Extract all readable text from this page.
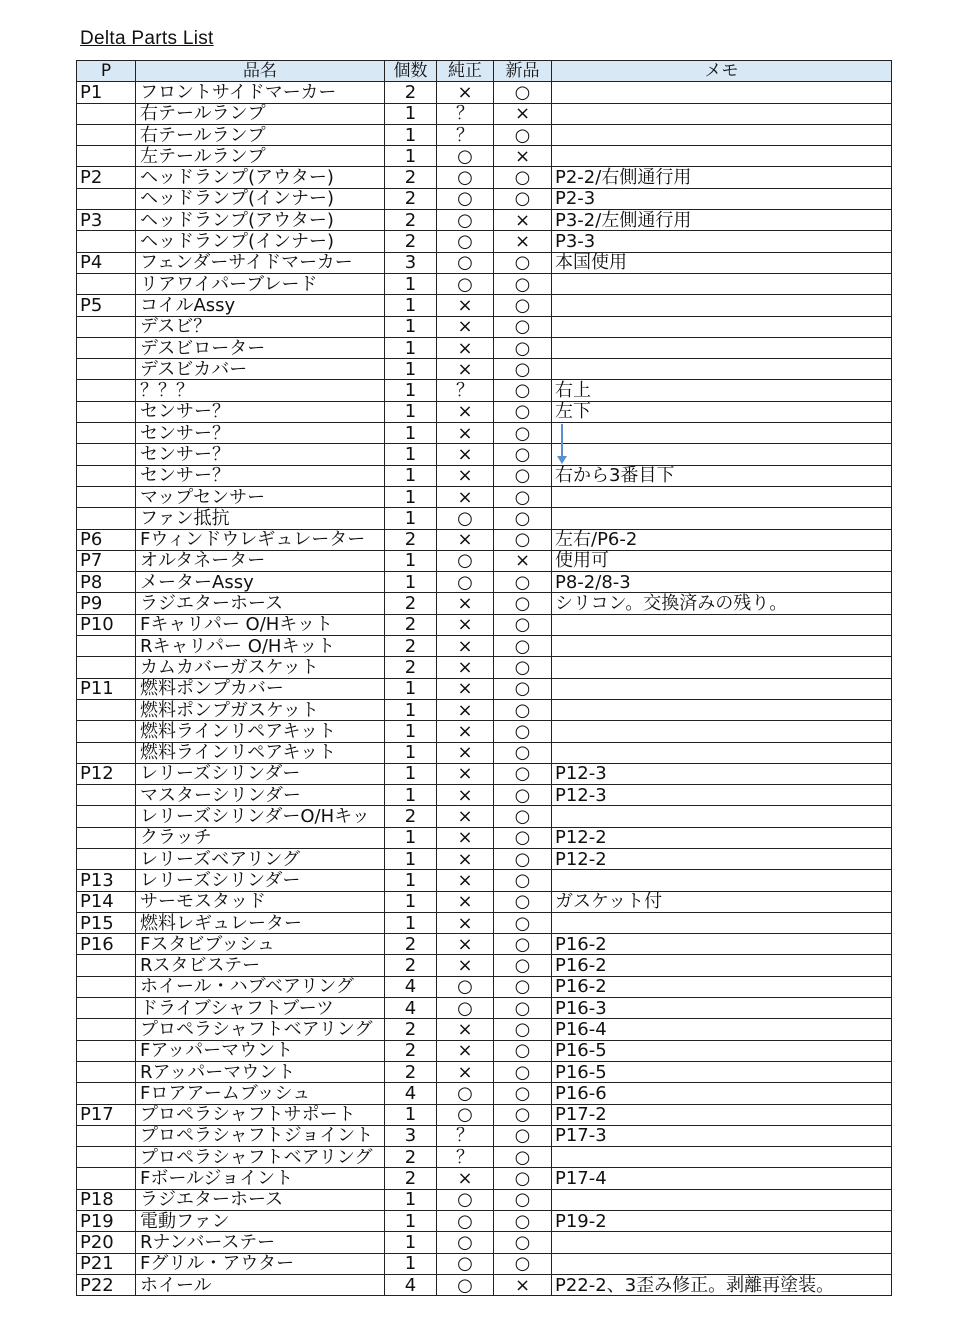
Delta Parts List
P	品名	個数	純正	新品	メモ
P1	フロントサイドマーカー	2	×	○	
	右テールランプ	1	？	×	
	右テールランプ	1	？	○	
	左テールランプ	1	○	×	
P2	ヘッドランプ(アウター)	2	○	○	P2-2/右側通行用
	ヘッドランプ(インナー)	2	○	○	P2-3
P3	ヘッドランプ(アウター)	2	○	×	P3-2/左側通行用
	ヘッドランプ(インナー)	2	○	×	P3-3
P4	フェンダーサイドマーカー	3	○	○	本国使用
	リアワイパーブレード	1	○	○	
P5	コイルAssy	1	×	○	
	デスビ？	1	×	○	
	デスビローター	1	×	○	
	デスビカバー	1	×	○	
	？？？	1	？	○	右上
	センサー？	1	×	○	左下
	センサー？	1	×	○	
	センサー？	1	×	○	

	センサー？	1	×	○	右から3番目下
	マップセンサー	1	×	○	
	ファン抵抗	1	○	○	
P6	Fウィンドウレギュレーター	2	×	○	左右/P6-2
P7	オルタネーター	1	○	×	使用可
P8	メーターAssy	1	○	○	P8-2/8-3
P9	ラジエターホース	2	×	○	シリコン。交換済みの残り。
P10	Fキャリパー O/Hキット	2	×	○	
	Rキャリパー O/Hキット	2	×	○	
	カムカバーガスケット	2	×	○	
P11	燃料ポンプカバー	1	×	○	
	燃料ポンプガスケット	1	×	○	
	燃料ラインリペアキット	1	×	○	
	燃料ラインリペアキット	1	×	○	
P12	レリーズシリンダー	1	×	○	P12-3
	マスターシリンダー	1	×	○	P12-3
	レリーズシリンダーO/Hキッ	2	×	○	
	クラッチ	1	×	○	P12-2
	レリーズベアリング	1	×	○	P12-2
P13	レリーズシリンダー	1	×	○	
P14	サーモスタッド	1	×	○	ガスケット付
P15	燃料レギュレーター	1	×	○	
P16	Fスタビブッシュ	2	×	○	P16-2
	Rスタビステー	2	×	○	P16-2
	ホイール・ハブベアリング	4	○	○	P16-2
	ドライブシャフトブーツ	4	○	○	P16-3
	プロペラシャフトベアリング	2	×	○	P16-4
	Fアッパーマウント	2	×	○	P16-5
	Rアッパーマウント	2	×	○	P16-5
	Fロアアームブッシュ	4	○	○	P16-6
P17	プロペラシャフトサポート	1	○	○	P17-2
	プロペラシャフトジョイント	3	？	○	P17-3
	プロペラシャフトベアリング	2	？	○	
	Fボールジョイント	2	×	○	P17-4
P18	ラジエターホース	1	○	○	
P19	電動ファン	1	○	○	P19-2
P20	Rナンバーステー	1	○	○	
P21	Fグリル・アウター	1	○	○	
P22	ホイール	4	○	×	P22-2、3歪み修正。剥離再塗装。
